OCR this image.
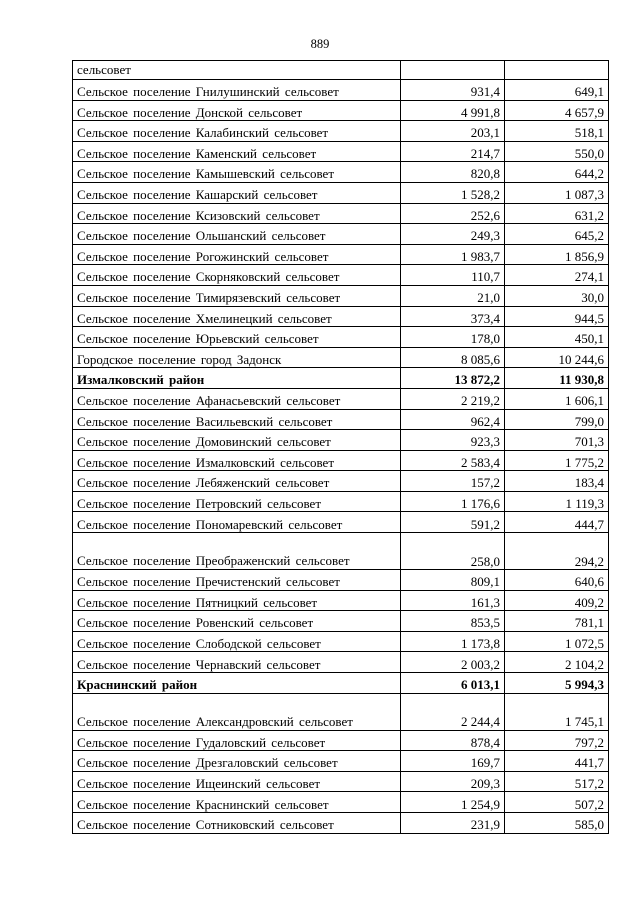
889
сельсовет		
Сельское поселение Гнилушинский сельсовет	931,4	649,1
Сельское поселение Донской сельсовет	4 991,8	4 657,9
Сельское поселение Калабинский сельсовет	203,1	518,1
Сельское поселение Каменский сельсовет	214,7	550,0
Сельское поселение Камышевский сельсовет	820,8	644,2
Сельское поселение Кашарский сельсовет	1 528,2	1 087,3
Сельское поселение Ксизовский сельсовет	252,6	631,2
Сельское поселение Ольшанский сельсовет	249,3	645,2
Сельское поселение Рогожинский сельсовет	1 983,7	1 856,9
Сельское поселение Скорняковский сельсовет	110,7	274,1
Сельское поселение Тимирязевский сельсовет	21,0	30,0
Сельское поселение Хмелинецкий сельсовет	373,4	944,5
Сельское поселение Юрьевский сельсовет	178,0	450,1
Городское поселение город Задонск	8 085,6	10 244,6
Измалковский район	13 872,2	11 930,8
Сельское поселение Афанасьевский сельсовет	2 219,2	1 606,1
Сельское поселение Васильевский сельсовет	962,4	799,0
Сельское поселение Домовинский сельсовет	923,3	701,3
Сельское поселение Измалковский сельсовет	2 583,4	1 775,2
Сельское поселение Лебяженский сельсовет	157,2	183,4
Сельское поселение Петровский сельсовет	1 176,6	1 119,3
Сельское поселение Пономаревский сельсовет	591,2	444,7
Сельское поселение Преображенский сельсовет	258,0	294,2
Сельское поселение Пречистенский сельсовет	809,1	640,6
Сельское поселение Пятницкий сельсовет	161,3	409,2
Сельское поселение Ровенский сельсовет	853,5	781,1
Сельское поселение Слободской сельсовет	1 173,8	1 072,5
Сельское поселение Чернавский сельсовет	2 003,2	2 104,2
Краснинский район	6 013,1	5 994,3
Сельское поселение Александровский сельсовет	2 244,4	1 745,1
Сельское поселение Гудаловский сельсовет	878,4	797,2
Сельское поселение Дрезгаловский сельсовет	169,7	441,7
Сельское поселение Ищеинский сельсовет	209,3	517,2
Сельское поселение Краснинский сельсовет	1 254,9	507,2
Сельское поселение Сотниковский сельсовет	231,9	585,0
